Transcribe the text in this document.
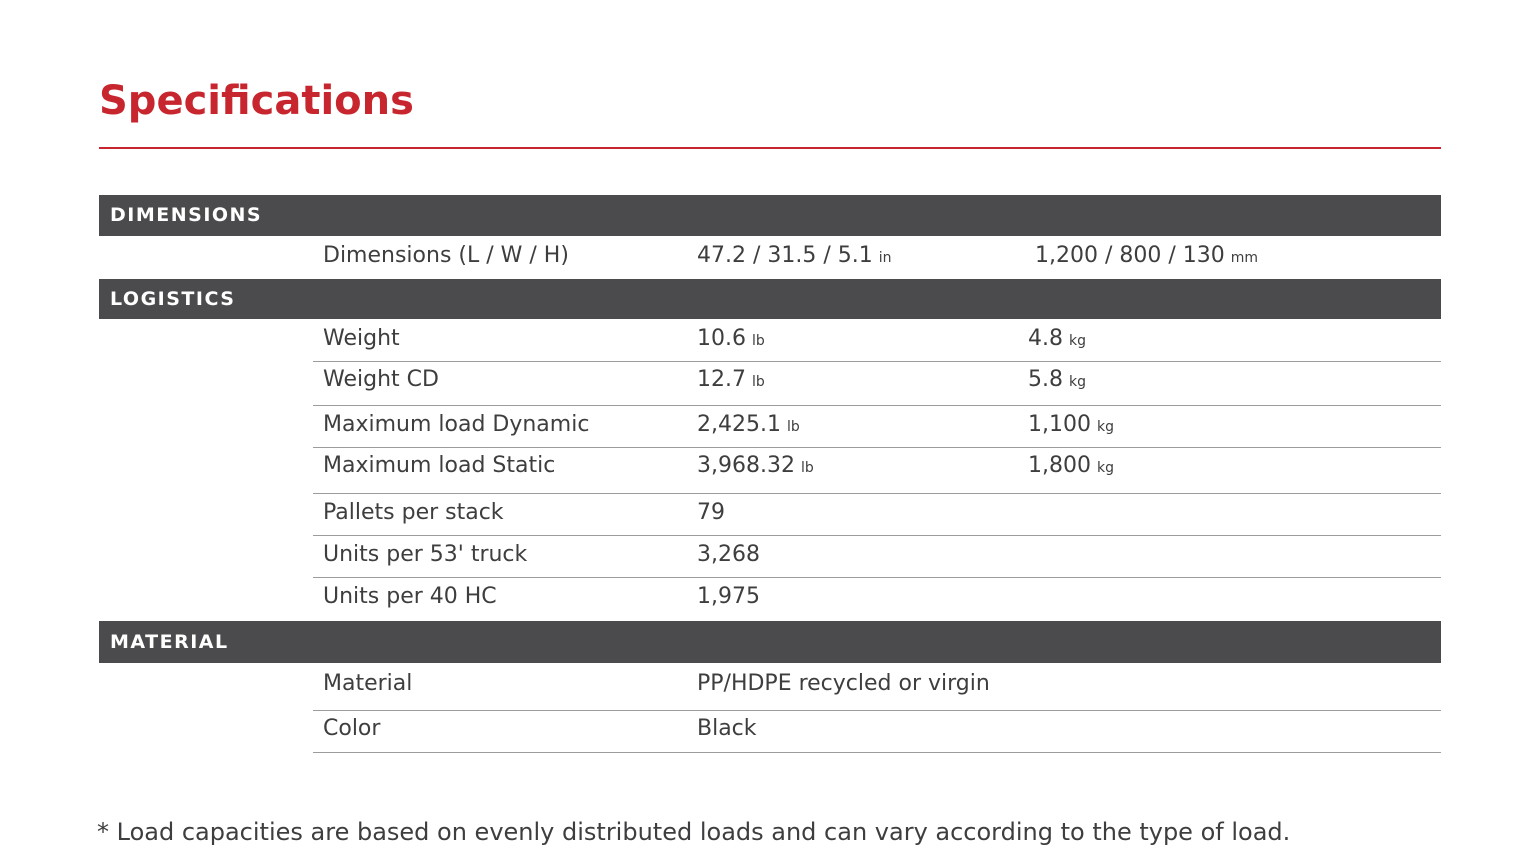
Specifications
DIMENSIONS
Dimensions (L / W / H)	47.2 / 31.5 / 5.1 in	1,200 / 800 / 130 mm
LOGISTICS
Weight	10.6 lb	4.8 kg
Weight CD	12.7 lb	5.8 kg
Maximum load Dynamic	2,425.1 lb	1,100 kg
Maximum load Static	3,968.32 lb	1,800 kg
Pallets per stack	79
Units per 53' truck	3,268
Units per 40 HC	1,975
MATERIAL
Material	PP/HDPE recycled or virgin
Color	Black

* Load capacities are based on evenly distributed loads and can vary according to the type of load.
